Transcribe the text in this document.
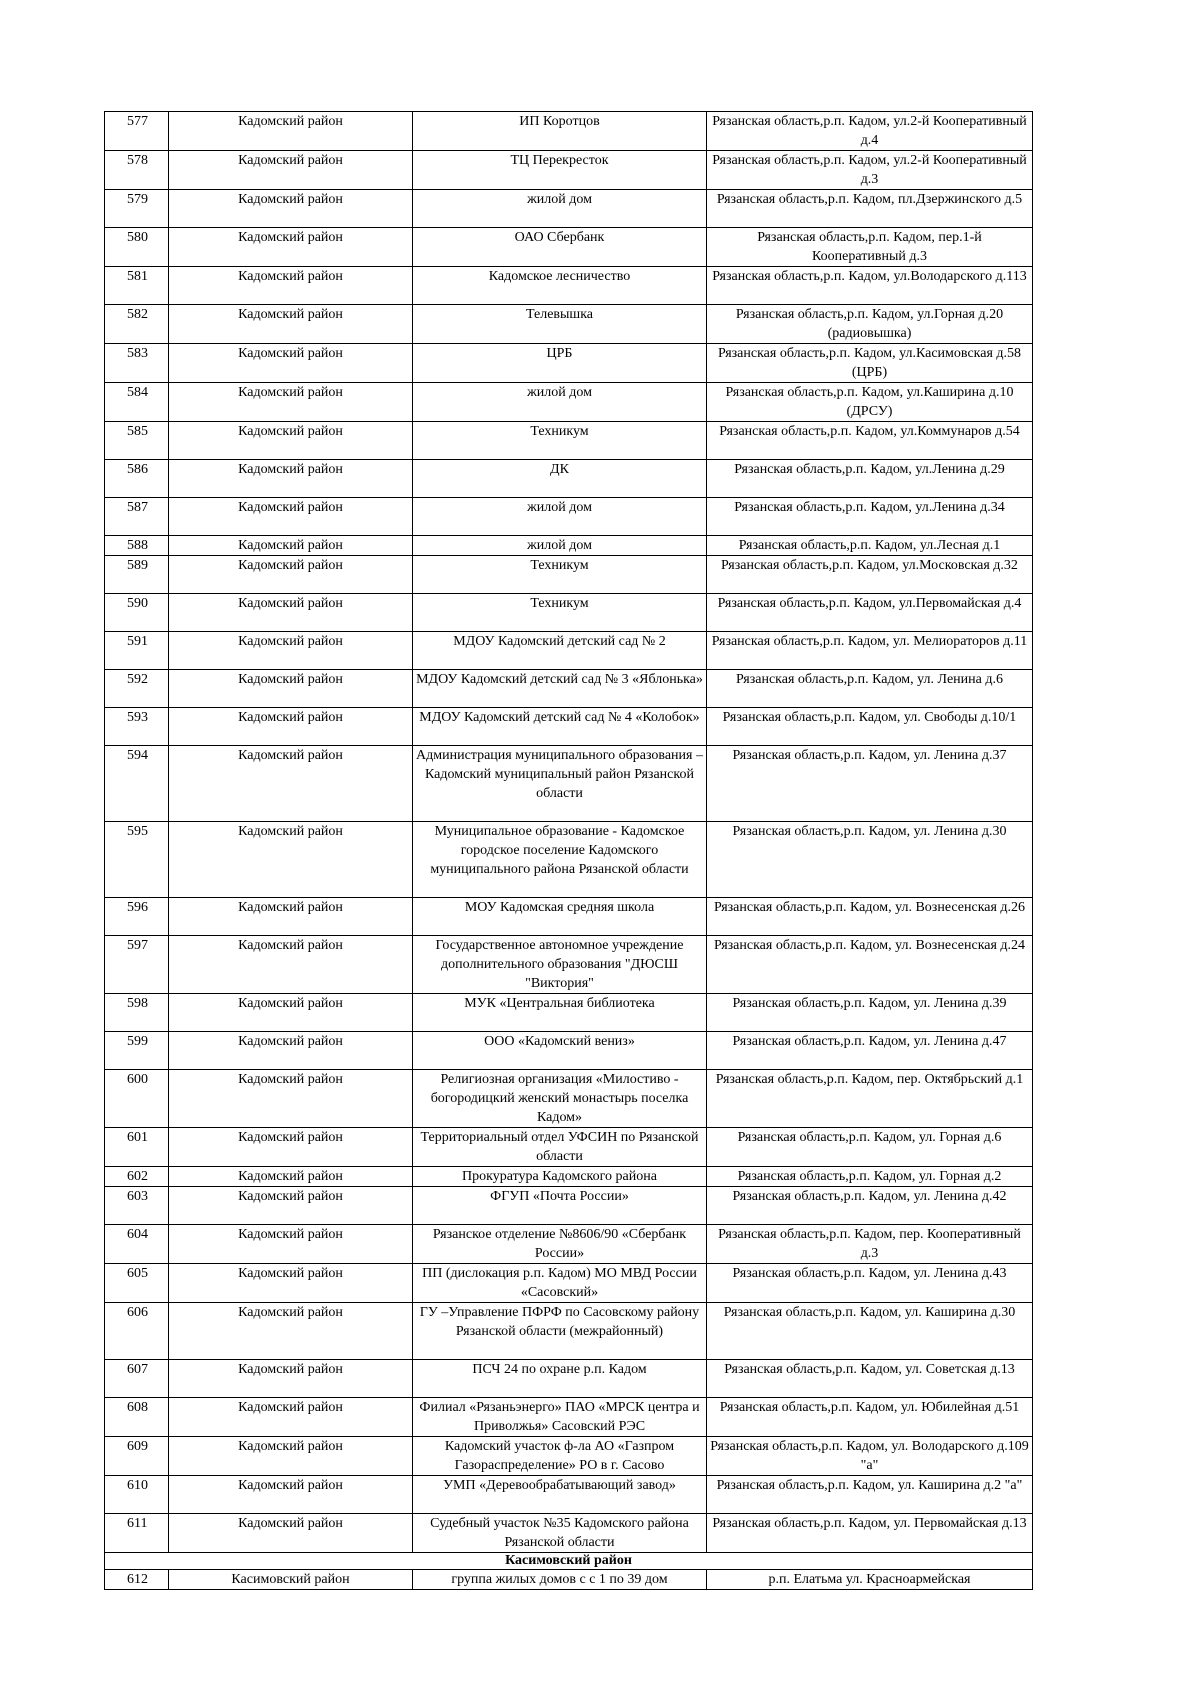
577	Кадомский район	ИП Коротцов	Рязанская область,р.п. Кадом, ул.2-й Кооперативный д.4
578	Кадомский район	ТЦ Перекресток	Рязанская область,р.п. Кадом, ул.2-й Кооперативный д.3
579	Кадомский район	жилой дом	Рязанская область,р.п. Кадом, пл.Дзержинского д.5
580	Кадомский район	ОАО Сбербанк	Рязанская область,р.п. Кадом, пер.1-й Кооперативный д.3
581	Кадомский район	Кадомское лесничество	Рязанская область,р.п. Кадом, ул.Володарского д.113
582	Кадомский район	Телевышка	Рязанская область,р.п. Кадом, ул.Горная д.20 (радиовышка)
583	Кадомский район	ЦРБ	Рязанская область,р.п. Кадом, ул.Касимовская д.58 (ЦРБ)
584	Кадомский район	жилой дом	Рязанская область,р.п. Кадом, ул.Каширина д.10 (ДРСУ)
585	Кадомский район	Техникум	Рязанская область,р.п. Кадом, ул.Коммунаров д.54
586	Кадомский район	ДК	Рязанская область,р.п. Кадом, ул.Ленина д.29
587	Кадомский район	жилой дом	Рязанская область,р.п. Кадом, ул.Ленина д.34
588	Кадомский район	жилой дом	Рязанская область,р.п. Кадом, ул.Лесная д.1
589	Кадомский район	Техникум	Рязанская область,р.п. Кадом, ул.Московская д.32
590	Кадомский район	Техникум	Рязанская область,р.п. Кадом, ул.Первомайская д.4
591	Кадомский район	МДОУ Кадомский детский сад № 2	Рязанская область,р.п. Кадом, ул. Мелиораторов д.11
592	Кадомский район	МДОУ Кадомский детский сад № 3 «Яблонька»	Рязанская область,р.п. Кадом, ул. Ленина д.6
593	Кадомский район	МДОУ Кадомский детский сад № 4 «Колобок»	Рязанская область,р.п. Кадом, ул. Свободы д.10/1
594	Кадомский район	Администрация муниципального образования – Кадомский муниципальный район Рязанской области	Рязанская область,р.п. Кадом, ул. Ленина д.37
595	Кадомский район	Муниципальное образование - Кадомское городское поселение Кадомского муниципального района Рязанской области	Рязанская область,р.п. Кадом, ул. Ленина д.30
596	Кадомский район	МОУ Кадомская средняя школа	Рязанская область,р.п. Кадом, ул. Вознесенская д.26
597	Кадомский район	Государственное автономное учреждение дополнительного образования "ДЮСШ "Виктория"	Рязанская область,р.п. Кадом, ул. Вознесенская д.24
598	Кадомский район	МУК «Центральная библиотека	Рязанская область,р.п. Кадом, ул. Ленина д.39
599	Кадомский район	ООО «Кадомский вениз»	Рязанская область,р.п. Кадом, ул. Ленина д.47
600	Кадомский район	Религиозная организация «Милостиво - богородицкий женский монастырь поселка Кадом»	Рязанская область,р.п. Кадом, пер. Октябрьский д.1
601	Кадомский район	Территориальный отдел УФСИН по Рязанской области	Рязанская область,р.п. Кадом, ул. Горная д.6
602	Кадомский район	Прокуратура Кадомского района	Рязанская область,р.п. Кадом, ул. Горная д.2
603	Кадомский район	ФГУП «Почта России»	Рязанская область,р.п. Кадом, ул. Ленина д.42
604	Кадомский район	Рязанское отделение №8606/90 «Сбербанк России»	Рязанская область,р.п. Кадом, пер. Кооперативный д.3
605	Кадомский район	ПП (дислокация р.п. Кадом) МО МВД России «Сасовский»	Рязанская область,р.п. Кадом, ул. Ленина д.43
606	Кадомский район	ГУ –Управление ПФРФ по Сасовскому району Рязанской области (межрайонный)	Рязанская область,р.п. Кадом, ул. Каширина д.30
607	Кадомский район	ПСЧ 24 по охране р.п. Кадом	Рязанская область,р.п. Кадом, ул. Советская д.13
608	Кадомский район	Филиал «Рязаньэнерго» ПАО «МРСК центра и Приволжья» Сасовский РЭС	Рязанская область,р.п. Кадом, ул. Юбилейная д.51
609	Кадомский район	Кадомский участок ф-ла АО «Газпром Газораспределение» РО в г. Сасово	Рязанская область,р.п. Кадом, ул. Володарского д.109 "а"
610	Кадомский район	УМП «Деревообрабатывающий завод»	Рязанская область,р.п. Кадом, ул. Каширина д.2 "а"
611	Кадомский район	Судебный участок №35 Кадомского района Рязанской области	Рязанская область,р.п. Кадом, ул. Первомайская д.13
Касимовский район			
612	Касимовский район	группа жилых домов с с 1 по 39 дом	р.п. Елатьма ул. Красноармейская
